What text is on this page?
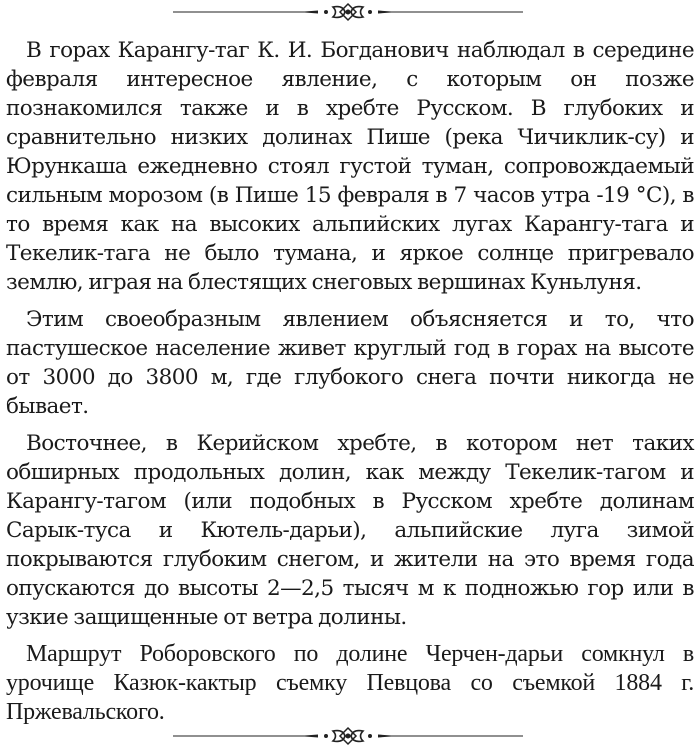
В горах Карангу-таг К. И. Богданович наблюдал в середине февраля интересное явление, с которым он позже познакомился также и в хребте Русском. В глубоких и сравнительно низких долинах Пише (река Чичиклик-су) и Юрункаша ежедневно стоял густой туман, сопровождаемый сильным морозом (в Пише 15 февраля в 7 часов утра -19 °С), в то время как на высоких альпийских лугах Карангу-тага и Текелик-тага не было тумана, и яркое солнце пригревало землю, играя на блестящих снеговых вершинах Куньлуня.

Этим своеобразным явлением объясняется и то, что пастушеское население живет круглый год в горах на высоте от 3000 до 3800 м, где глубокого снега почти никогда не бывает.

Восточнее, в Керийском хребте, в котором нет таких обширных продольных долин, как между Текелик-тагом и Карангу-тагом (или подобных в Русском хребте долинам Сарык-туса и Кютель-дарьи), альпийские луга зимой покрываются глубоким снегом, и жители на это время года опускаются до высоты 2—2,5 тысяч м к подножью гор или в узкие защищенные от ветра долины.

Маршрут Роборовского по долине Черчен-дарьи сомкнул в урочище Казюк-кактыр съемку Певцова со съемкой 1884 г. Пржевальского.
